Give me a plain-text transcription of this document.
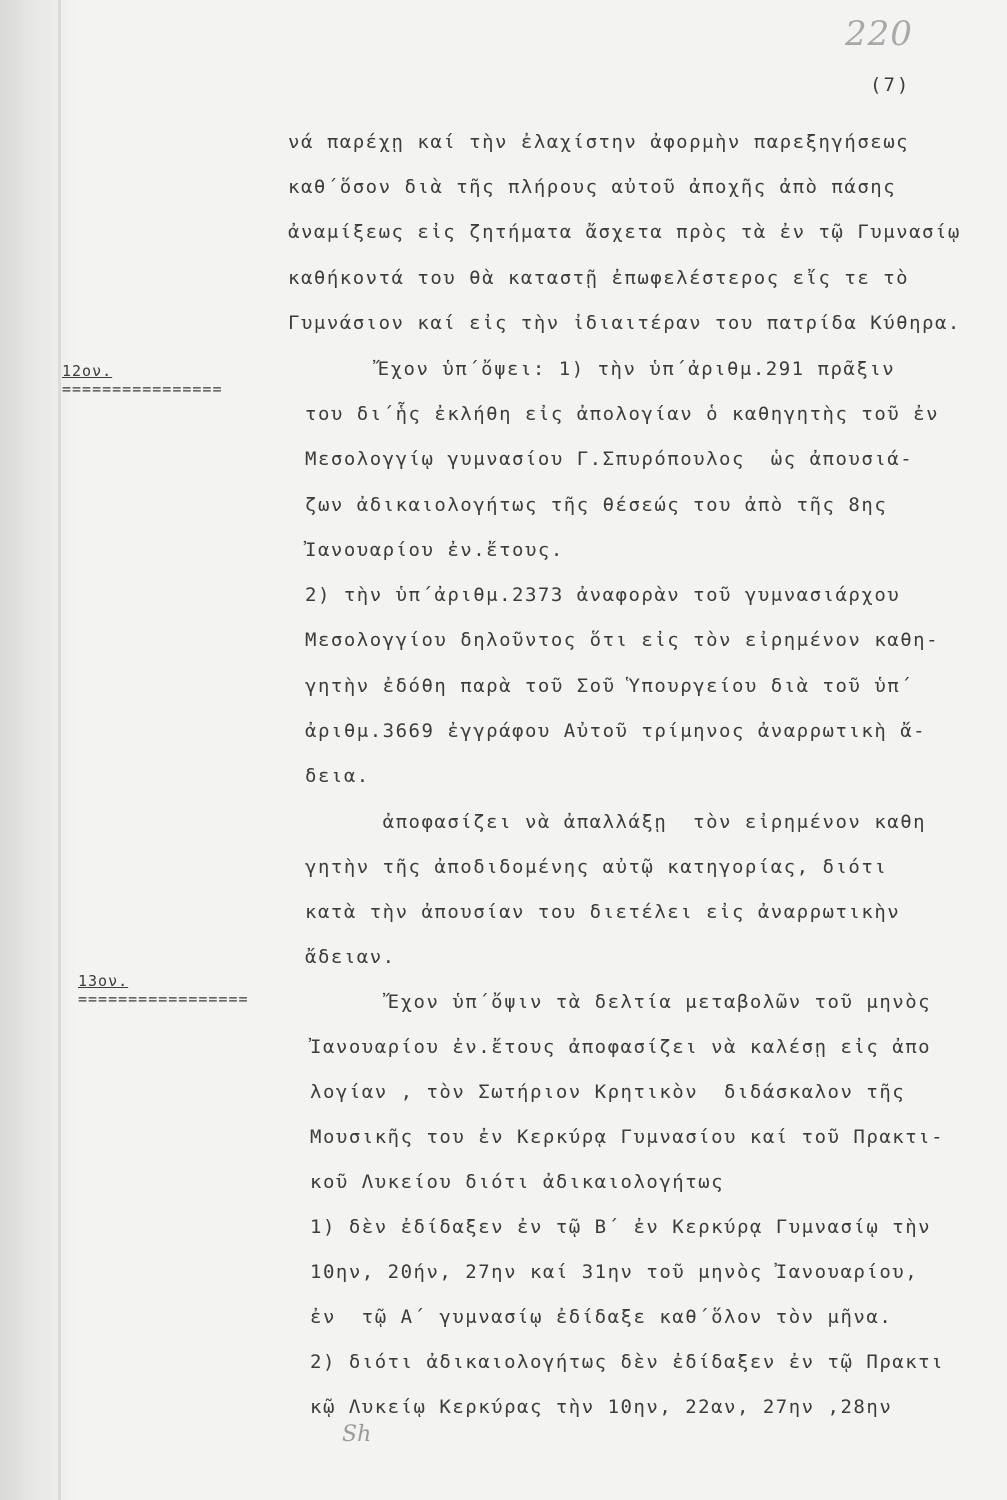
220
(7)
12ον.
================
13ον.
=================
νά παρέχῃ καί τὴν ἐλαχίστην ἀφορμὴν παρεξηγήσεως
καθ΄ὅσον διὰ τῆς πλήρους αὐτοῦ ἀποχῆς ἀπὸ πάσης
ἀναμίξεως εἰς ζητήματα ἄσχετα πρὸς τὰ ἐν τῷ Γυμνασίῳ
καθήκοντά του θὰ καταστῇ ἐπωφελέστερος εἴς τε τὸ
Γυμνάσιον καί εἰς τὴν ἰδιαιτέραν του πατρίδα Κύθηρα.
Ἔχον ὑπ΄ὄψει: 1) τὴν ὑπ΄ἀριθμ.291 πρᾶξιν
του δι΄ἧς ἐκλήθη εἰς ἀπολογίαν ὁ καθηγητὴς τοῦ ἐν
Μεσολογγίῳ γυμνασίου Γ.Σπυρόπουλος  ὡς ἀπουσιά-
ζων ἀδικαιολογήτως τῆς θέσεώς του ἀπὸ τῆς 8ης
Ἰανουαρίου ἐν.ἔτους.
2) τὴν ὑπ΄ἀριθμ.2373 ἀναφορὰν τοῦ γυμνασιάρχου
Μεσολογγίου δηλοῦντος ὅτι εἰς τὸν εἰρημένον καθη-
γητὴν ἐδόθη παρὰ τοῦ Σοῦ Ὑπουργείου διὰ τοῦ ὑπ΄
ἀριθμ.3669 ἐγγράφου Αὐτοῦ τρίμηνος ἀναρρωτικὴ ἄ-
δεια.
ἀποφασίζει νὰ ἀπαλλάξῃ  τὸν εἰρημένον καθη
γητὴν τῆς ἀποδιδομένης αὐτῷ κατηγορίας, διότι
κατὰ τὴν ἀπουσίαν του διετέλει εἰς ἀναρρωτικὴν
ἄδειαν.
Ἔχον ὑπ΄ὄψιν τὰ δελτία μεταβολῶν τοῦ μηνὸς
Ἰανουαρίου ἐν.ἔτους ἀποφασίζει νὰ καλέσῃ εἰς ἀπο
λογίαν , τὸν Σωτήριον Κρητικὸν  διδάσκαλον τῆς
Μουσικῆς του ἐν Κερκύρᾳ Γυμνασίου καί τοῦ Πρακτι-
κοῦ Λυκείου διότι ἀδικαιολογήτως
1) δὲν ἐδίδαξεν ἐν τῷ Β΄ ἐν Κερκύρᾳ Γυμνασίῳ τὴν
10ην, 20ήν, 27ην καί 31ην τοῦ μηνὸς Ἰανουαρίου,
ἐν  τῷ Α΄ γυμνασίῳ ἐδίδαξε καθ΄ὅλον τὸν μῆνα.
2) διότι ἀδικαιολογήτως δὲν ἐδίδαξεν ἐν τῷ Πρακτι
κῷ Λυκείῳ Κερκύρας τὴν 10ην, 22αν, 27ην ,28ην
Sh
